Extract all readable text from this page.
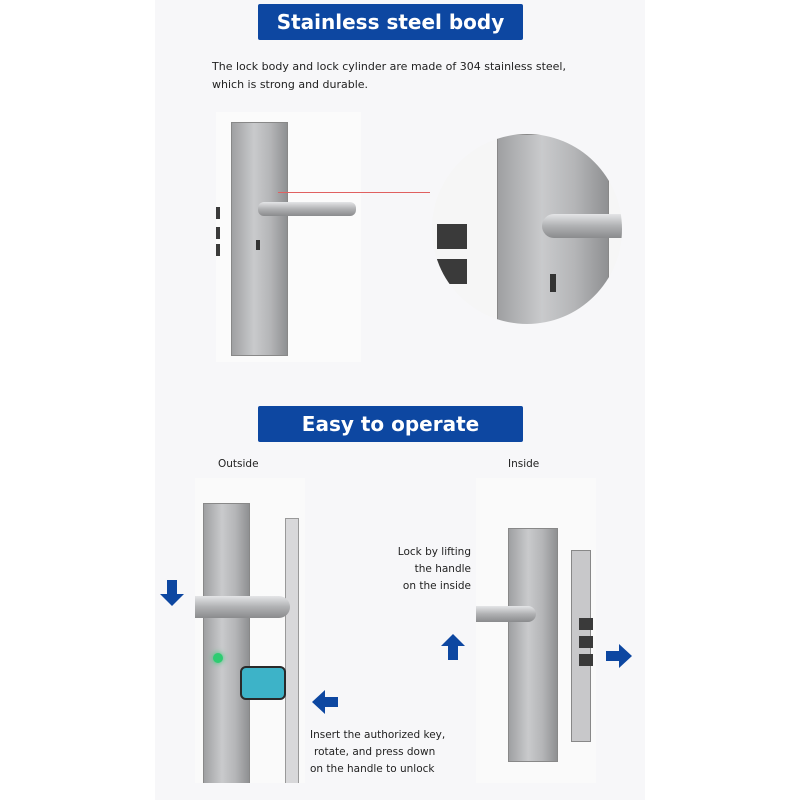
Stainless steel body
The lock body and lock cylinder are made of 304 stainless steel,
which is strong and durable.
Easy to operate
Outside	Inside
Insert the authorized key,
rotate, and press down
on the handle to unlock
Lock by lifting
the handle
on the inside
